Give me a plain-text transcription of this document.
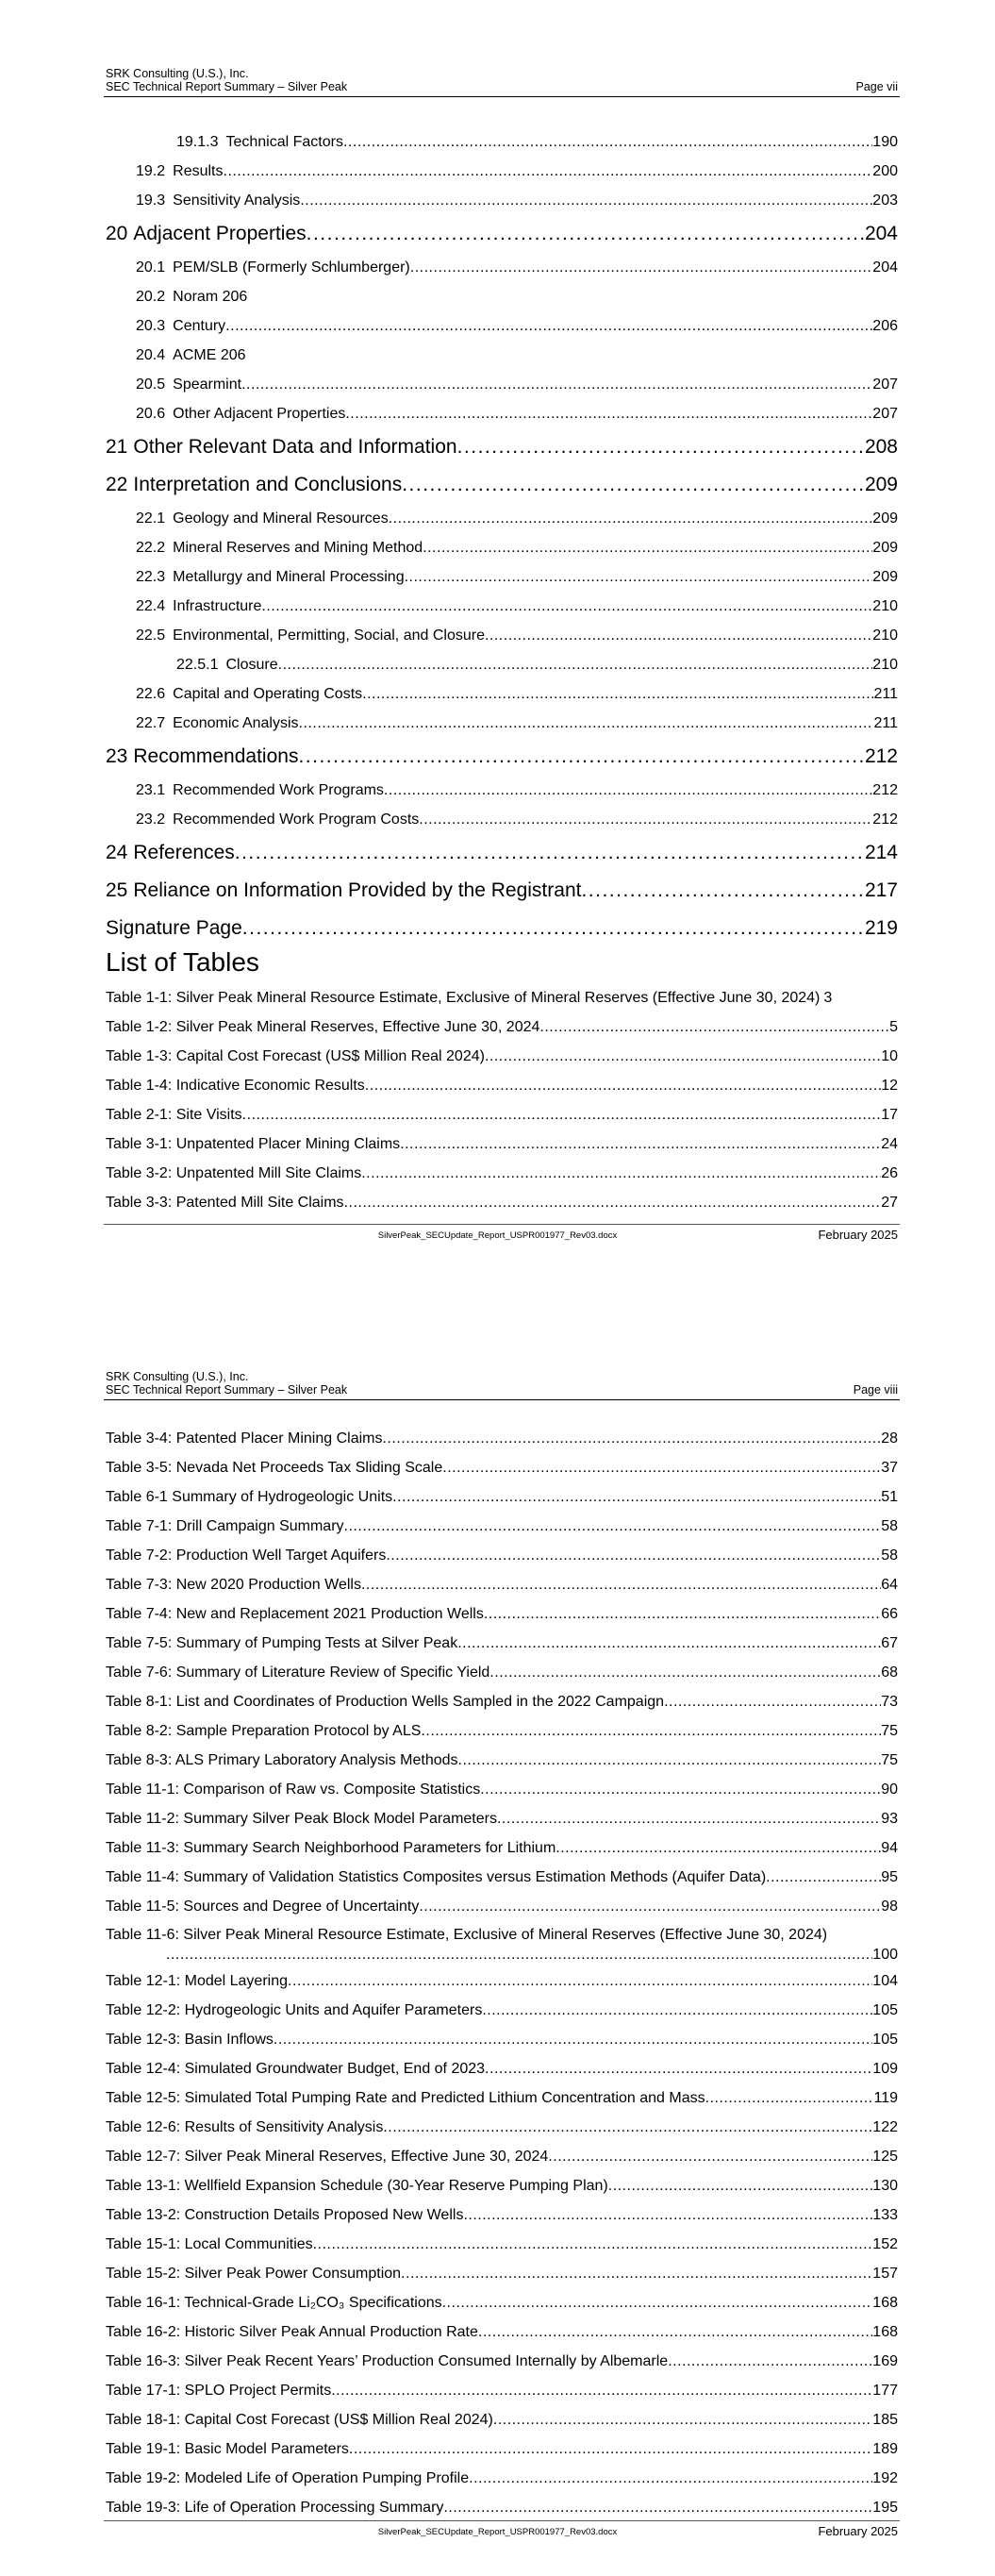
SRK Consulting (U.S.), Inc.
SEC Technical Report Summary – Silver Peak	Page vii
19.1.3 Technical Factors .....	190
19.2 Results .....	200
19.3 Sensitivity Analysis .....	203
20 Adjacent Properties .....	204
20.1 PEM/SLB (Formerly Schlumberger) .....	204
20.2 Noram 206
20.3 Century .....	206
20.4 ACME 206
20.5 Spearmint .....	207
20.6 Other Adjacent Properties .....	207
21 Other Relevant Data and Information .....	208
22 Interpretation and Conclusions .....	209
22.1 Geology and Mineral Resources .....	209
22.2 Mineral Reserves and Mining Method .....	209
22.3 Metallurgy and Mineral Processing .....	209
22.4 Infrastructure .....	210
22.5 Environmental, Permitting, Social, and Closure .....	210
22.5.1 Closure .....	210
22.6 Capital and Operating Costs .....	211
22.7 Economic Analysis .....	211
23 Recommendations .....	212
23.1 Recommended Work Programs .....	212
23.2 Recommended Work Program Costs .....	212
24 References .....	214
25 Reliance on Information Provided by the Registrant .....	217
Signature Page .....	219
List of Tables
Table 1-1: Silver Peak Mineral Resource Estimate, Exclusive of Mineral Reserves (Effective June 30, 2024) 3
Table 1-2: Silver Peak Mineral Reserves, Effective June 30, 2024 .....	5
Table 1-3: Capital Cost Forecast (US$ Million Real 2024) .....	10
Table 1-4: Indicative Economic Results .....	12
Table 2-1: Site Visits .....	17
Table 3-1: Unpatented Placer Mining Claims .....	24
Table 3-2: Unpatented Mill Site Claims .....	26
Table 3-3: Patented Mill Site Claims .....	27
SilverPeak_SECUpdate_Report_USPR001977_Rev03.docx	February 2025
SRK Consulting (U.S.), Inc.
SEC Technical Report Summary – Silver Peak	Page viii
Table 3-4: Patented Placer Mining Claims .....	28
Table 3-5: Nevada Net Proceeds Tax Sliding Scale .....	37
Table 6-1 Summary of Hydrogeologic Units .....	51
Table 7-1: Drill Campaign Summary .....	58
Table 7-2: Production Well Target Aquifers .....	58
Table 7-3: New 2020 Production Wells .....	64
Table 7-4: New and Replacement 2021 Production Wells .....	66
Table 7-5: Summary of Pumping Tests at Silver Peak .....	67
Table 7-6: Summary of Literature Review of Specific Yield .....	68
Table 8-1: List and Coordinates of Production Wells Sampled in the 2022 Campaign .....	73
Table 8-2: Sample Preparation Protocol by ALS .....	75
Table 8-3: ALS Primary Laboratory Analysis Methods .....	75
Table 11-1: Comparison of Raw vs. Composite Statistics .....	90
Table 11-2: Summary Silver Peak Block Model Parameters .....	93
Table 11-3: Summary Search Neighborhood Parameters for Lithium .....	94
Table 11-4: Summary of Validation Statistics Composites versus Estimation Methods (Aquifer Data) .....	95
Table 11-5: Sources and Degree of Uncertainty .....	98
Table 11-6: Silver Peak Mineral Resource Estimate, Exclusive of Mineral Reserves (Effective June 30, 2024)
.....
100
Table 12-1: Model Layering .....	104
Table 12-2: Hydrogeologic Units and Aquifer Parameters .....	105
Table 12-3: Basin Inflows .....	105
Table 12-4: Simulated Groundwater Budget, End of 2023 .....	109
Table 12-5: Simulated Total Pumping Rate and Predicted Lithium Concentration and Mass .....	119
Table 12-6: Results of Sensitivity Analysis .....	122
Table 12-7: Silver Peak Mineral Reserves, Effective June 30, 2024 .....	125
Table 13-1: Wellfield Expansion Schedule (30-Year Reserve Pumping Plan) .....	130
Table 13-2: Construction Details Proposed New Wells .....	133
Table 15-1: Local Communities .....	152
Table 15-2: Silver Peak Power Consumption .....	157
Table 16-1: Technical-Grade Li₂CO₃ Specifications .....	168
Table 16-2: Historic Silver Peak Annual Production Rate .....	168
Table 16-3: Silver Peak Recent Years’ Production Consumed Internally by Albemarle .....	169
Table 17-1: SPLO Project Permits .....	177
Table 18-1: Capital Cost Forecast (US$ Million Real 2024) .....	185
Table 19-1: Basic Model Parameters .....	189
Table 19-2: Modeled Life of Operation Pumping Profile .....	192
Table 19-3: Life of Operation Processing Summary .....	195
SilverPeak_SECUpdate_Report_USPR001977_Rev03.docx	February 2025
